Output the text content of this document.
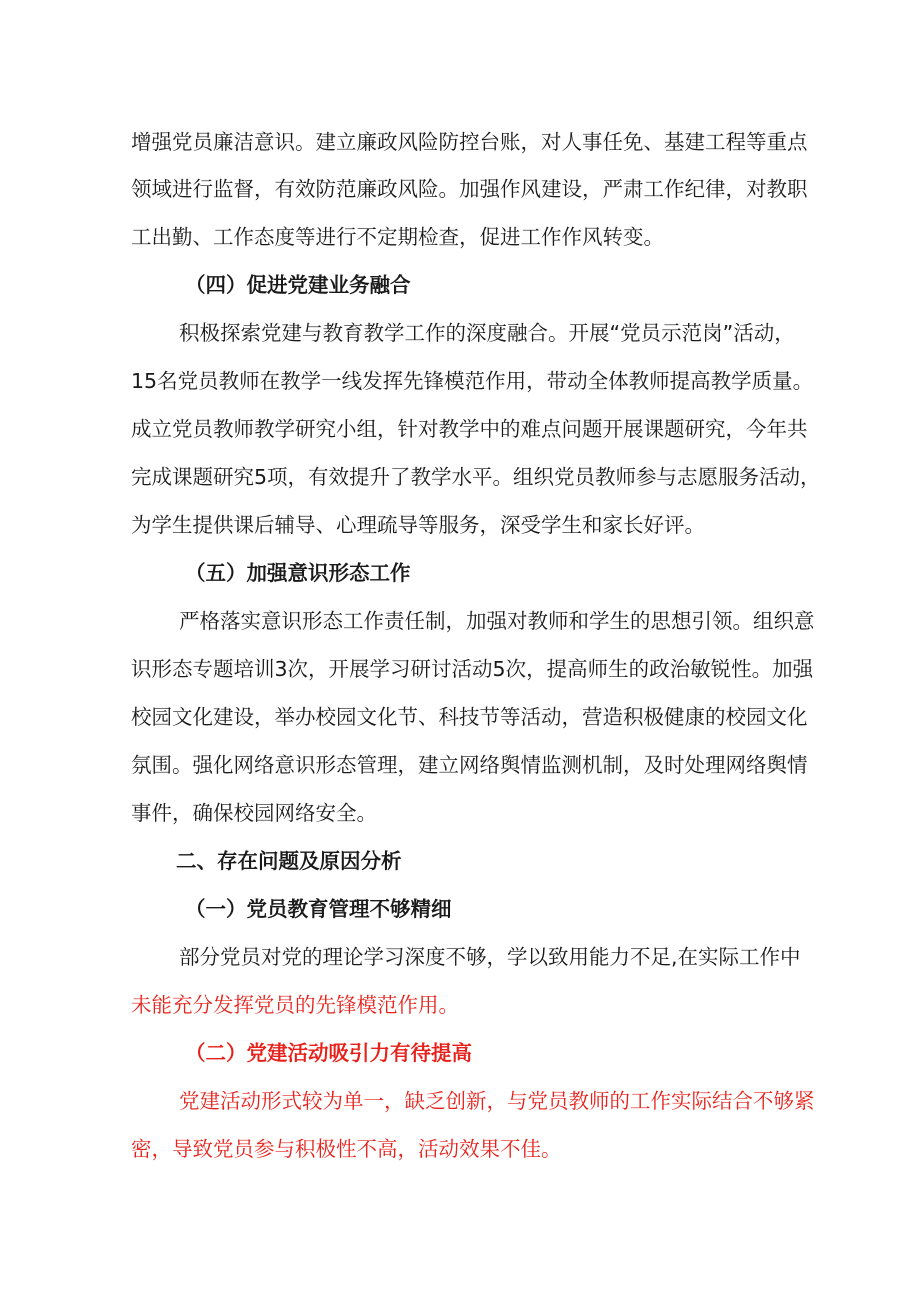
增强党员廉洁意识。建立廉政风险防控台账，对人事任免、基建工程等重点
领域进行监督，有效防范廉政风险。加强作风建设，严肃工作纪律，对教职
工出勤、工作态度等进行不定期检查，促进工作作风转变。
（四）促进党建业务融合
积极探索党建与教育教学工作的深度融合。开展“党员示范岗”活动，
15名党员教师在教学一线发挥先锋模范作用，带动全体教师提高教学质量。
成立党员教师教学研究小组，针对教学中的难点问题开展课题研究，今年共
完成课题研究5项，有效提升了教学水平。组织党员教师参与志愿服务活动，
为学生提供课后辅导、心理疏导等服务，深受学生和家长好评。
（五）加强意识形态工作
严格落实意识形态工作责任制，加强对教师和学生的思想引领。组织意
识形态专题培训3次，开展学习研讨活动5次，提高师生的政治敏锐性。加强
校园文化建设，举办校园文化节、科技节等活动，营造积极健康的校园文化
氛围。强化网络意识形态管理，建立网络舆情监测机制，及时处理网络舆情
事件，确保校园网络安全。
二、存在问题及原因分析
（一）党员教育管理不够精细
部分党员对党的理论学习深度不够，学以致用能力不足,在实际工作中
未能充分发挥党员的先锋模范作用。
（二）党建活动吸引力有待提高
党建活动形式较为单一，缺乏创新，与党员教师的工作实际结合不够紧
密，导致党员参与积极性不高，活动效果不佳。
